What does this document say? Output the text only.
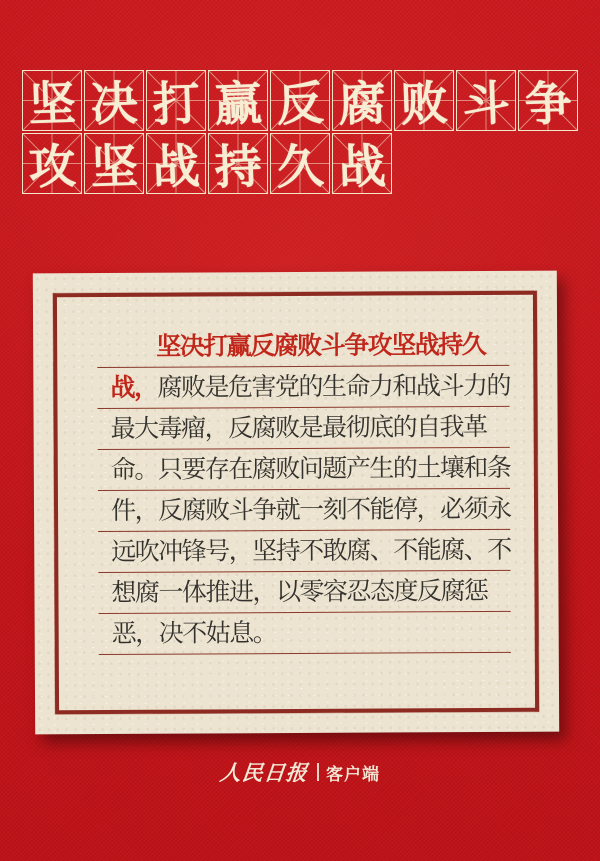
坚 决 打 赢 反 腐 败 斗 争
攻 坚 战 持 久 战
坚决打赢反腐败斗争攻坚战持久
战，腐败是危害党的生命力和战斗力的
最大毒瘤，反腐败是最彻底的自我革
命。只要存在腐败问题产生的土壤和条
件，反腐败斗争就一刻不能停，必须永
远吹冲锋号，坚持不敢腐、不能腐、不
想腐一体推进，以零容忍态度反腐惩
恶，决不姑息。
人民日报 客户端
